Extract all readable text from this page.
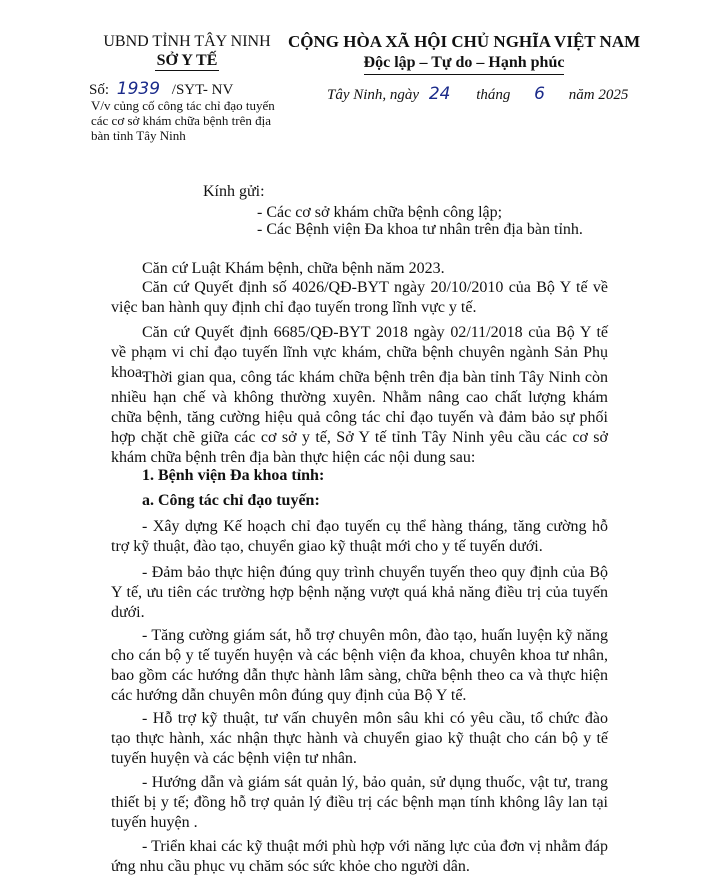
UBND TỈNH TÂY NINH
SỞ Y TẾ
CỘNG HÒA XÃ HỘI CHỦ NGHĨA VIỆT NAM
Độc lập – Tự do – Hạnh phúc
Số: 1939 /SYT- NV
V/v củng cố công tác chỉ đạo tuyến các cơ sở khám chữa bệnh trên địa bàn tỉnh Tây Ninh
Tây Ninh, ngày 24 tháng 6 năm 2025
Kính gửi:
- Các cơ sở khám chữa bệnh công lập;
- Các Bệnh viện Đa khoa tư nhân trên địa bàn tỉnh.
Căn cứ Luật Khám bệnh, chữa bệnh năm 2023.
Căn cứ Quyết định số 4026/QĐ-BYT ngày 20/10/2010 của Bộ Y tế về việc ban hành quy định chỉ đạo tuyến trong lĩnh vực y tế.
Căn cứ Quyết định 6685/QĐ-BYT 2018 ngày 02/11/2018 của Bộ Y tế về phạm vi chỉ đạo tuyến lĩnh vực khám, chữa bệnh chuyên ngành Sản Phụ khoa.
Thời gian qua, công tác khám chữa bệnh trên địa bàn tỉnh Tây Ninh còn nhiều hạn chế và không thường xuyên. Nhằm nâng cao chất lượng khám chữa bệnh, tăng cường hiệu quả công tác chỉ đạo tuyến và đảm bảo sự phối hợp chặt chẽ giữa các cơ sở y tế, Sở Y tế tỉnh Tây Ninh yêu cầu các cơ sở khám chữa bệnh trên địa bàn thực hiện các nội dung sau:
1. Bệnh viện Đa khoa tỉnh:
a. Công tác chỉ đạo tuyến:
- Xây dựng Kế hoạch chỉ đạo tuyến cụ thể hàng tháng, tăng cường hỗ trợ kỹ thuật, đào tạo, chuyển giao kỹ thuật mới cho y tế tuyến dưới.
- Đảm bảo thực hiện đúng quy trình chuyển tuyến theo quy định của Bộ Y tế, ưu tiên các trường hợp bệnh nặng vượt quá khả năng điều trị của tuyến dưới.
- Tăng cường giám sát, hỗ trợ chuyên môn, đào tạo, huấn luyện kỹ năng cho cán bộ y tế tuyến huyện và các bệnh viện đa khoa, chuyên khoa tư nhân, bao gồm các hướng dẫn thực hành lâm sàng, chữa bệnh theo ca và thực hiện các hướng dẫn chuyên môn đúng quy định của Bộ Y tế.
- Hỗ trợ kỹ thuật, tư vấn chuyên môn sâu khi có yêu cầu, tổ chức đào tạo thực hành, xác nhận thực hành và chuyển giao kỹ thuật cho cán bộ y tế tuyến huyện và các bệnh viện tư nhân.
- Hướng dẫn và giám sát quản lý, bảo quản, sử dụng thuốc, vật tư, trang thiết bị y tế; đồng hỗ trợ quản lý điều trị các bệnh mạn tính không lây lan tại tuyến huyện .
- Triển khai các kỹ thuật mới phù hợp với năng lực của đơn vị nhằm đáp ứng nhu cầu phục vụ chăm sóc sức khỏe cho người dân.
